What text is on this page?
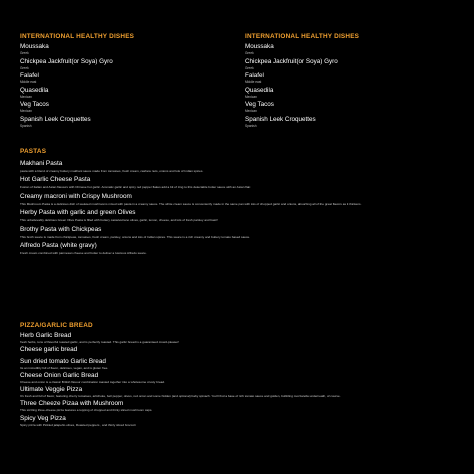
INTERNATIONAL HEALTHY DISHES
Moussaka
Greek
Chickpea Jackfruit(or Soya) Gyro
Greek
Falafel
Middle east
Quasedila
Mexican
Veg Tacos
Mexican
Spanish Leek Croquettes
Spanish
INTERNATIONAL HEALTHY DISHES
Moussaka
Greek
Chickpea Jackfruit(or Soya) Gyro
Greek
Falafel
Middle east
Quasedila
Mexican
Veg Tacos
Mexican
Spanish Leek Croquettes
Spanish
PASTAS
Makhani Pasta
pasta with a blend of creamy buttery makhani sauce made from tomatoes, fresh cream, cashew nuts, onions and lots of Indian spices.
Hot Garlic Cheese Pasta
Fusion of Italian and Asian flavours with Chinese hot garlic. Aromatic garlic and spicy red pepper flakes add a bit of zing to this delectable butter sauce with an Asian flair.
Creamy macroni with Crispy Mushroom
This Mushroom Pasta is a delicious dish of sautéed mushrooms mixed with pasta in a creamy sauce. The white cream sauce is conveniently made in the same pan with lots of chopped garlic and onions, absorbing all of the great flavors as it thickens.
Herby Pasta with garlic and green Olives
This unbelievably delicious Green Olive Pasta is filled with buttery castelvetrano olives, garlic, lemon, cheese, and lots of fresh parsley and basil!
Brothy Pasta with Chickpeas
This broth sauce is made from chickpeas, tomatoes, fresh cream, parsley, onions and lots of Indian spices. This sauce is a rich creamy and buttery tomato based sauce.
Alfredo Pasta (white gravy)
Fresh cream combined with parmesan cheese and butter to deliver a luscious Alfredo sauce.
PIZZA/GARLIC BREAD
Herb Garlic Bread
fresh herbs, tons of flavorful roasted garlic, and is perfectly toasted. This garlic bread is a guaranteed crowd-pleaser!
Cheese garlic bread
Sun dried tomato Garlic Bread
Its an incredibly full of flavor, delicious, vegan, and is gluten free.
Cheese Onion Garlic Bread
Cheese and onion is a classic British flavour combination toasted together into a wholesome crusty bread.
Ultimate Veggie Pizza
It's fresh and full of flavor, featuring cherry tomatoes, artichoke, bell pepper, olives, red onion and some hidden (and optional) baby spinach. You'll find a base of rich tomato sauce and golden, bubbling mozzarella underneath, of course.
Three Cheeze Pizaa with Mushroom
This sizzling three-cheese pizza features a topping of chopped and thinly sliced mushroom caps.
Spicy Veg Pizza
Spicy pizza with Pickled jalapeño olives, Roasted peppers , and thinly sliced broccoli
